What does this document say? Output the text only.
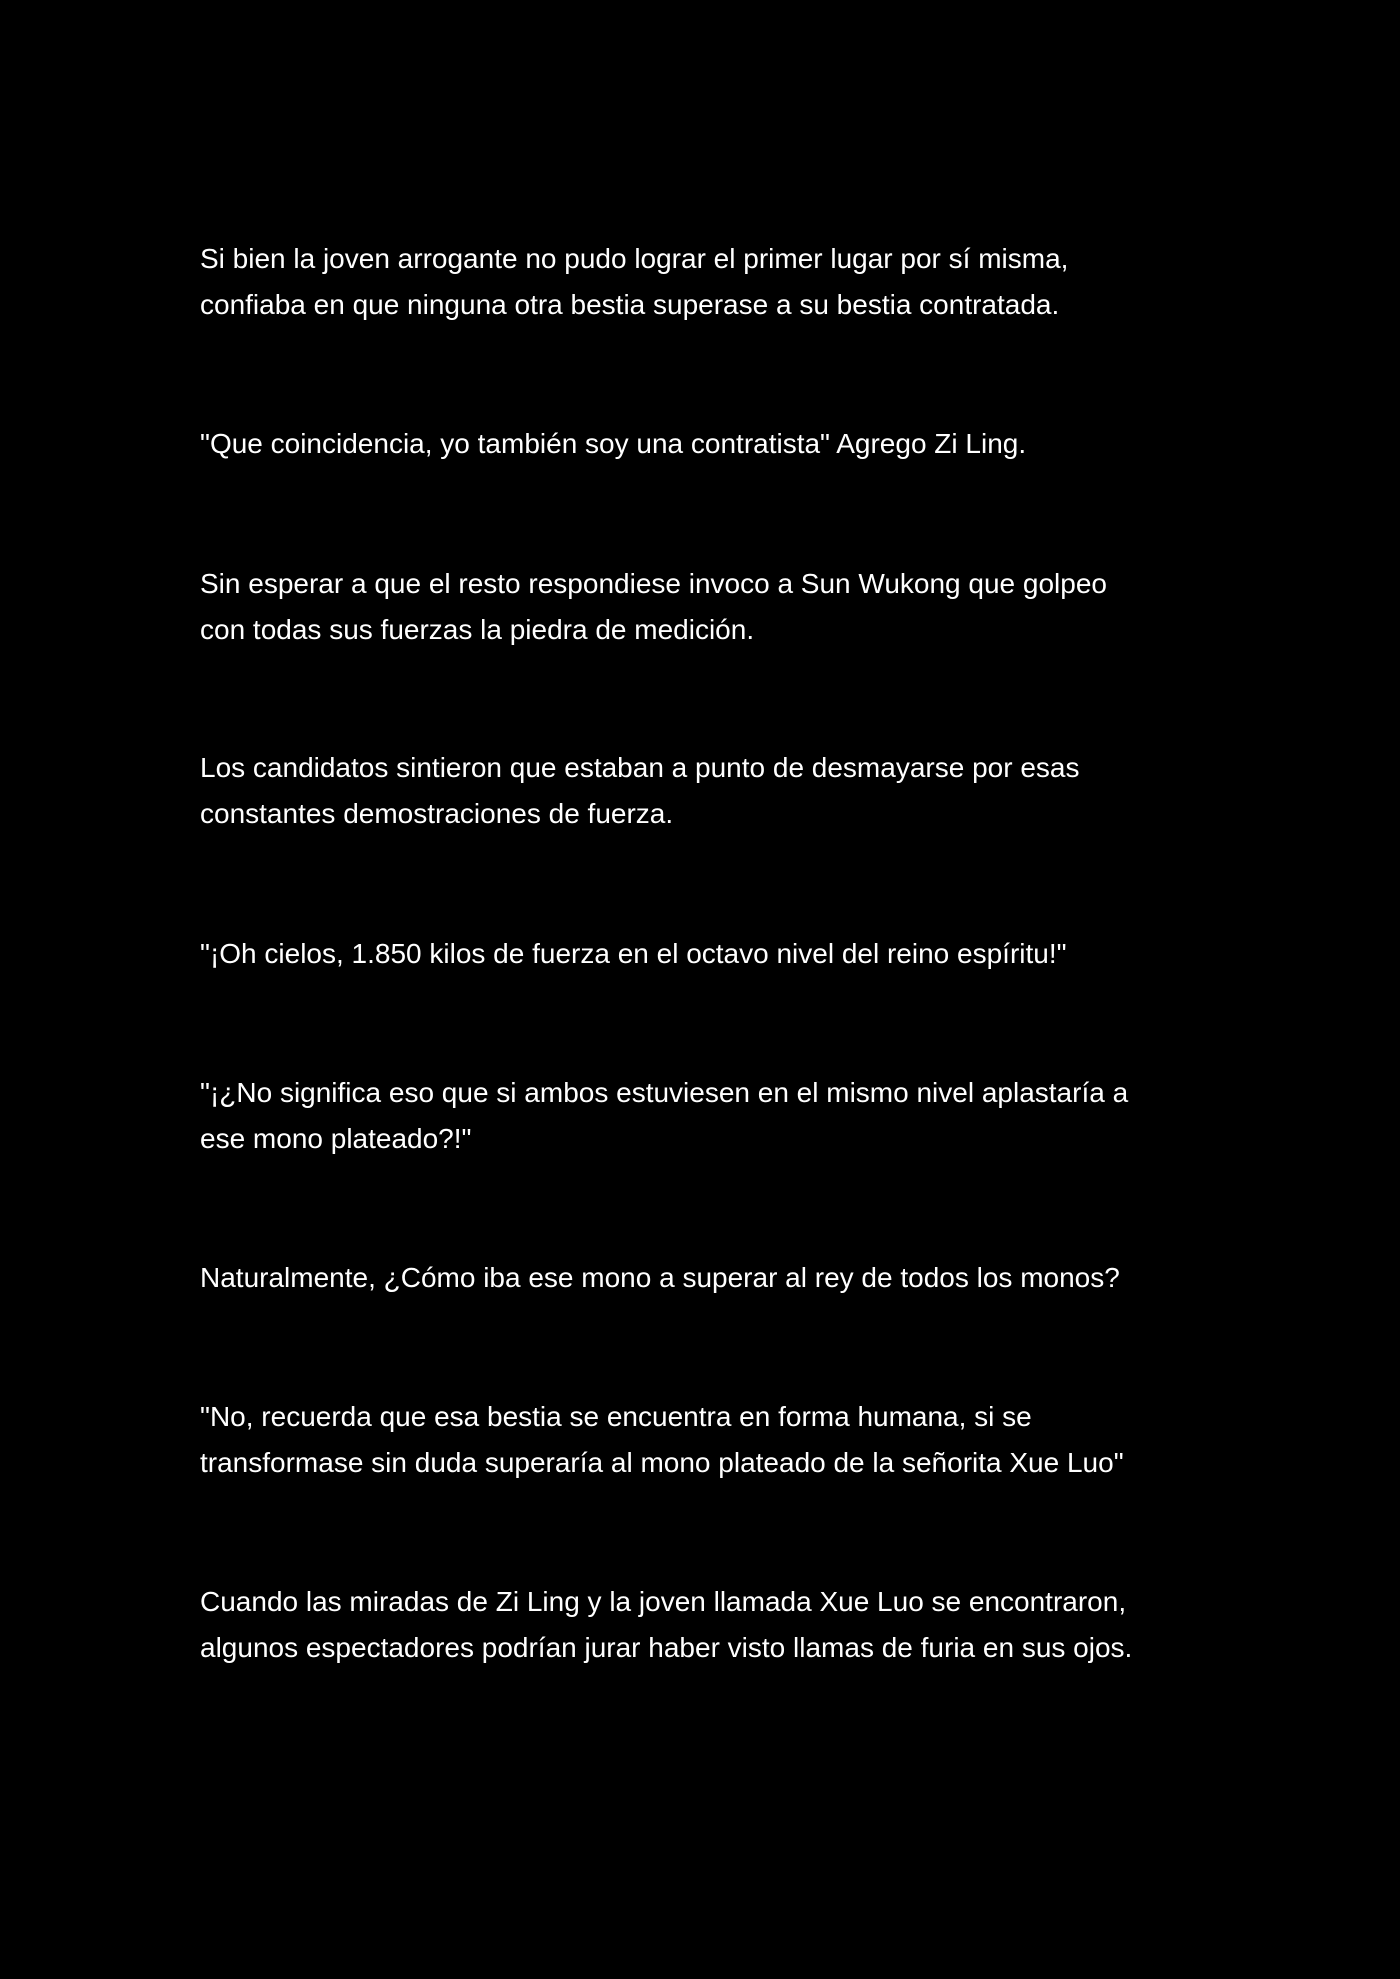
Si bien la joven arrogante no pudo lograr el primer lugar por sí misma,
confiaba en que ninguna otra bestia superase a su bestia contratada.

"Que coincidencia, yo también soy una contratista" Agrego Zi Ling.

Sin esperar a que el resto respondiese invoco a Sun Wukong que golpeo
con todas sus fuerzas la piedra de medición.

Los candidatos sintieron que estaban a punto de desmayarse por esas
constantes demostraciones de fuerza.

"¡Oh cielos, 1.850 kilos de fuerza en el octavo nivel del reino espíritu!"

"¡¿No significa eso que si ambos estuviesen en el mismo nivel aplastaría a
ese mono plateado?!"

Naturalmente, ¿Cómo iba ese mono a superar al rey de todos los monos?

"No, recuerda que esa bestia se encuentra en forma humana, si se
transformase sin duda superaría al mono plateado de la señorita Xue Luo"

Cuando las miradas de Zi Ling y la joven llamada Xue Luo se encontraron,
algunos espectadores podrían jurar haber visto llamas de furia en sus ojos.
